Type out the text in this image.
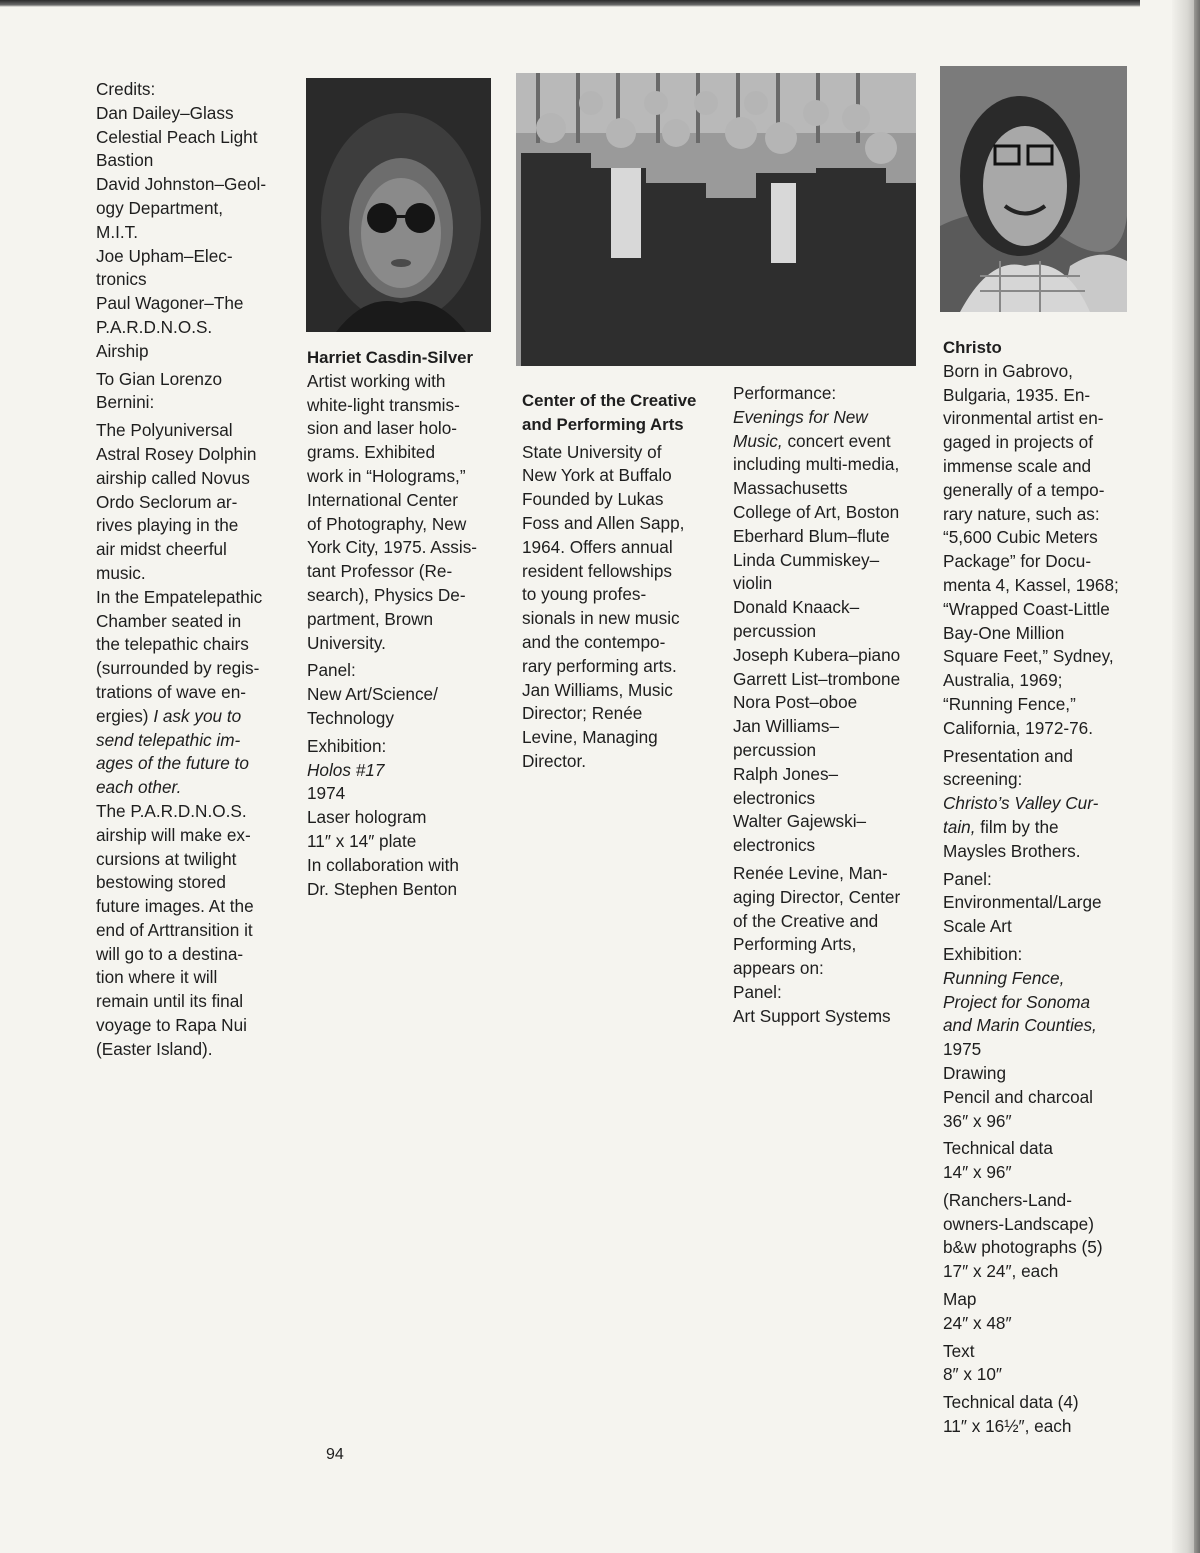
Credits:
Dan Dailey–Glass
Celestial Peach Light
Bastion
David Johnston–Geol-
ogy Department,
M.I.T.
Joe Upham–Elec-
tronics
Paul Wagoner–The
P.A.R.D.N.O.S.
Airship
To Gian Lorenzo
Bernini:
The Polyuniversal
Astral Rosey Dolphin
airship called Novus
Ordo Seclorum ar-
rives playing in the
air midst cheerful
music.
In the Empatelepathic
Chamber seated in
the telepathic chairs
(surrounded by regis-
trations of wave en-
ergies) I ask you to
send telepathic im-
ages of the future to
each other.
The P.A.R.D.N.O.S.
airship will make ex-
cursions at twilight
bestowing stored
future images. At the
end of Arttransition it
will go to a destina-
tion where it will
remain until its final
voyage to Rapa Nui
(Easter Island).
Harriet Casdin-Silver
Artist working with
white-light transmis-
sion and laser holo-
grams. Exhibited
work in “Holograms,”
International Center
of Photography, New
York City, 1975. Assis-
tant Professor (Re-
search), Physics De-
partment, Brown
University.
Panel:
New Art/Science/
Technology
Exhibition:
Holos #17
1974
Laser hologram
11″ x 14″ plate
In collaboration with
Dr. Stephen Benton
Center of the Creative
and Performing Arts
State University of
New York at Buffalo
Founded by Lukas
Foss and Allen Sapp,
1964. Offers annual
resident fellowships
to young profes-
sionals in new music
and the contempo-
rary performing arts.
Jan Williams, Music
Director; Renée
Levine, Managing
Director.
Performance:
Evenings for New
Music, concert event
including multi-media,
Massachusetts
College of Art, Boston
Eberhard Blum–flute
Linda Cummiskey–
violin
Donald Knaack–
percussion
Joseph Kubera–piano
Garrett List–trombone
Nora Post–oboe
Jan Williams–
percussion
Ralph Jones–
electronics
Walter Gajewski–
electronics
Renée Levine, Man-
aging Director, Center
of the Creative and
Performing Arts,
appears on:
Panel:
Art Support Systems
Christo
Born in Gabrovo,
Bulgaria, 1935. En-
vironmental artist en-
gaged in projects of
immense scale and
generally of a tempo-
rary nature, such as:
“5,600 Cubic Meters
Package” for Docu-
menta 4, Kassel, 1968;
“Wrapped Coast-Little
Bay-One Million
Square Feet,” Sydney,
Australia, 1969;
“Running Fence,”
California, 1972-76.
Presentation and
screening:
Christo’s Valley Cur-
tain, film by the
Maysles Brothers.
Panel:
Environmental/Large
Scale Art
Exhibition:
Running Fence,
Project for Sonoma
and Marin Counties,
1975
Drawing
Pencil and charcoal
36″ x 96″
Technical data
14″ x 96″
(Ranchers-Land-
owners-Landscape)
b&w photographs (5)
17″ x 24″, each
Map
24″ x 48″
Text
8″ x 10″
Technical data (4)
11″ x 16½″, each
94
